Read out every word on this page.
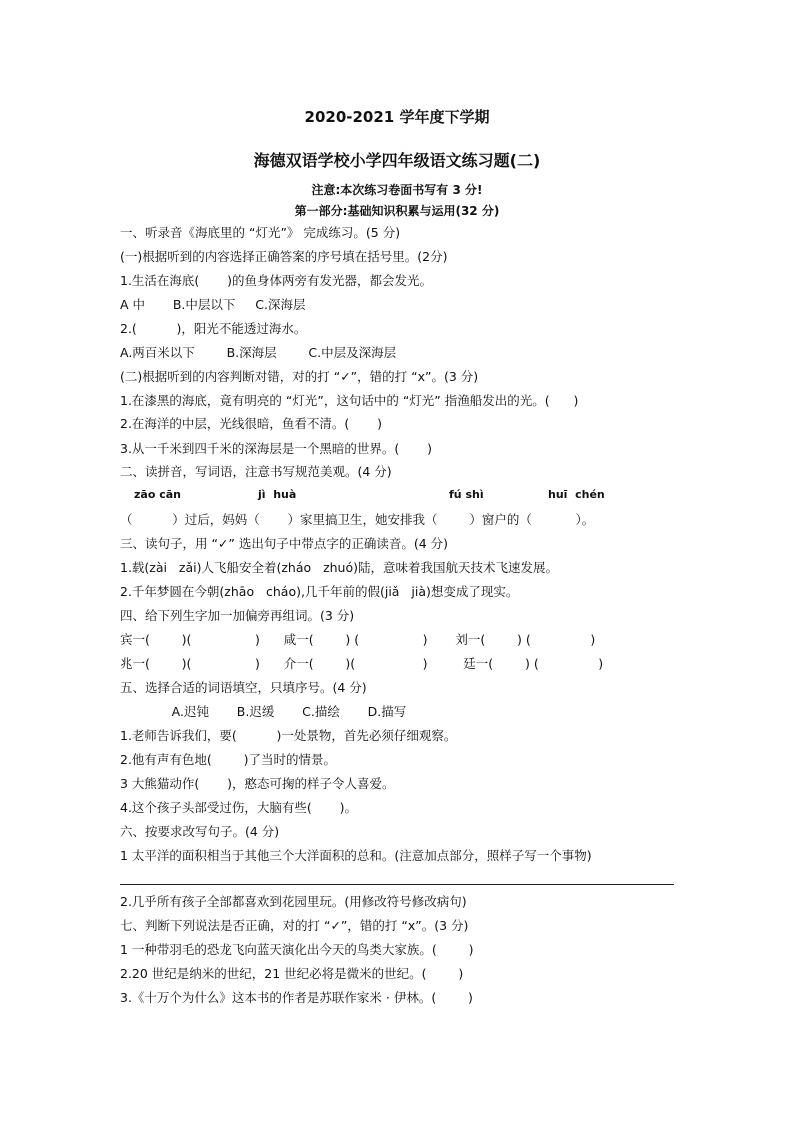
2020-2021 学年度下学期
海德双语学校小学四年级语文练习题(二)
注意:本次练习卷面书写有 3 分!
第一部分:基础知识积累与运用(32 分)
一、听录音《海底里的 “灯光”》 完成练习。(5 分)
(一)根据听到的内容选择正确答案的序号填在括号里。(2分)
1.生活在海底(       )的鱼身体两旁有发光器，都会发光。
A 中       B.中层以下     C.深海层
2.(          )，阳光不能透过海水。
A.两百米以下        B.深海层        C.中层及深海层
(二)根据听到的内容判断对错，对的打 “✓”，错的打 “x”。(3 分)
1.在漆黑的海底，竟有明亮的 “灯光”，这句话中的 “灯光” 指渔船发出的光。(      )
2.在海洋的中层，光线很暗，鱼看不清。(       )
3.从一千米到四千米的深海层是一个黑暗的世界。(       )
二、读拼音，写词语，注意书写规范美观。(4 分)
zāo cān	jì  huà	fú shì	huī  chén
（          ）过后，妈妈（       ）家里搞卫生，她安排我（        ）窗户的（           ）。
三、读句子，用 “✓” 选出句子中带点字的正确读音。(4 分)
1.载(zài   zǎi)人飞船安全着(zháo   zhuó)陆，意味着我国航天技术飞速发展。
2.千年梦圆在今朝(zhāo   cháo),几千年前的假(jiǎ   jià)想变成了现实。
四、给下列生字加一加偏旁再组词。(3 分)
宾一(        )(                )      咸一(        ) (                )       刘一(        ) (               )
兆一(        )(                )      介一(        )(                 )         廷一(        ) (               )
五、选择合适的词语填空，只填序号。(4 分)
A.迟钝       B.迟缓       C.描绘       D.描写
1.老师告诉我们，要(          )一处景物，首先必须仔细观察。
2.他有声有色地(        )了当时的情景。
3 大熊猫动作(       )，憨态可掬的样子令人喜爱。
4.这个孩子头部受过伤，大脑有些(       )。
六、按要求改写句子。(4 分)
1 太平洋的面积相当于其他三个大洋面积的总和。(注意加点部分，照样子写一个事物)
2.几乎所有孩子全部都喜欢到花园里玩。(用修改符号修改病句)
七、判断下列说法是否正确，对的打 “✓”，错的打 “x”。(3 分)
1 一种带羽毛的恐龙飞向蓝天演化出今天的鸟类大家族。(        )
2.20 世纪是纳米的世纪，21 世纪必将是微米的世纪。(        )
3.《十万个为什么》这本书的作者是苏联作家米 · 伊林。(        )
